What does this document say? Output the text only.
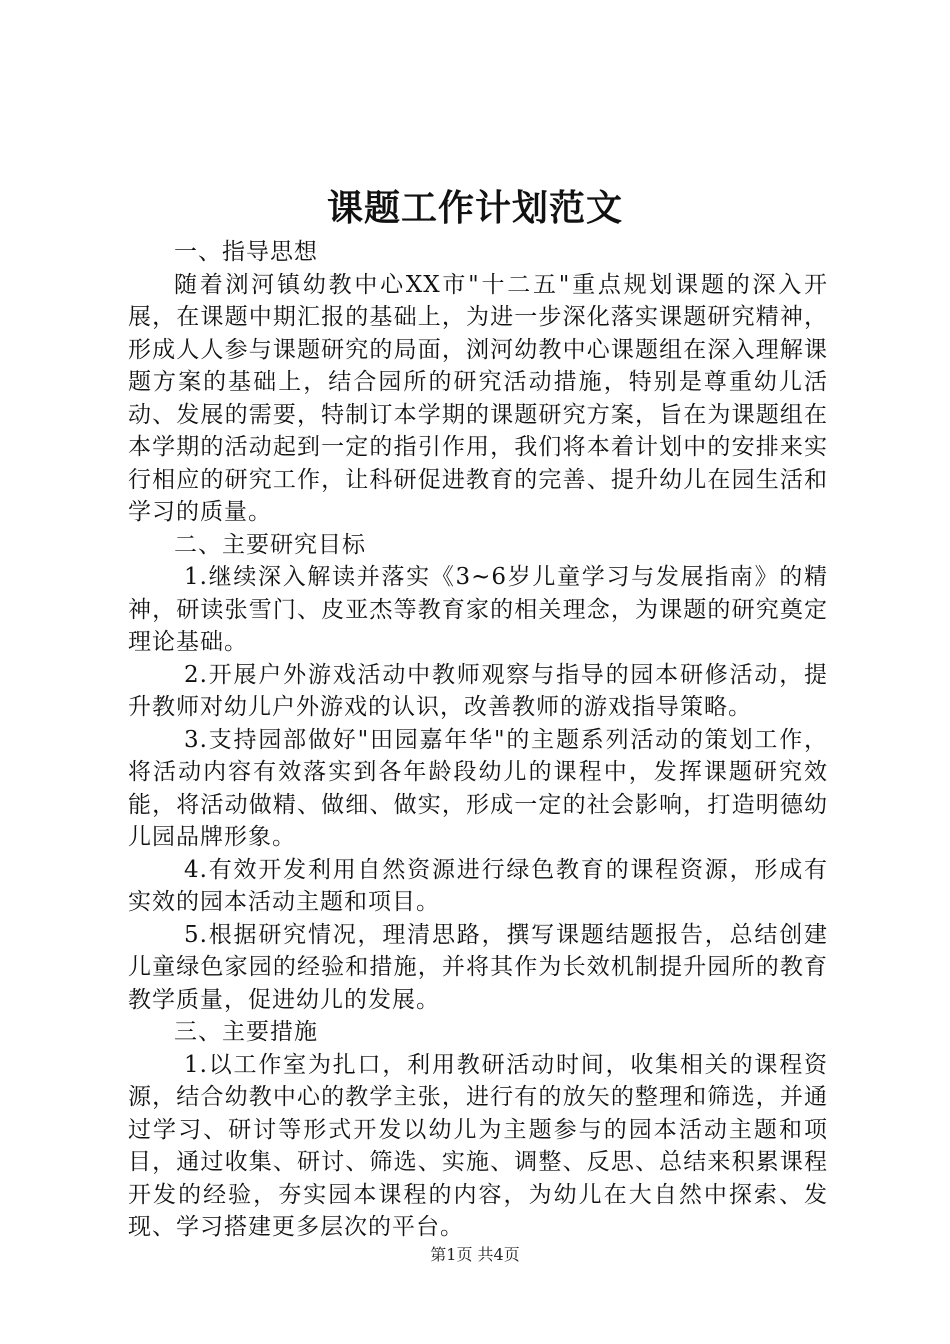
课题工作计划范文

一、指导思想

随着浏河镇幼教中心XX市"十二五"重点规划课题的深入开展，在课题中期汇报的基础上，为进一步深化落实课题研究精神，形成人人参与课题研究的局面，浏河幼教中心课题组在深入理解课题方案的基础上，结合园所的研究活动措施，特别是尊重幼儿活动、发展的需要，特制订本学期的课题研究方案，旨在为课题组在本学期的活动起到一定的指引作用，我们将本着计划中的安排来实行相应的研究工作，让科研促进教育的完善、提升幼儿在园生活和学习的质量。

二、主要研究目标

1.继续深入解读并落实《3~6岁儿童学习与发展指南》的精神，研读张雪门、皮亚杰等教育家的相关理念，为课题的研究奠定理论基础。

2.开展户外游戏活动中教师观察与指导的园本研修活动，提升教师对幼儿户外游戏的认识，改善教师的游戏指导策略。

3.支持园部做好"田园嘉年华"的主题系列活动的策划工作，将活动内容有效落实到各年龄段幼儿的课程中，发挥课题研究效能，将活动做精、做细、做实，形成一定的社会影响，打造明德幼儿园品牌形象。

4.有效开发利用自然资源进行绿色教育的课程资源，形成有实效的园本活动主题和项目。

5.根据研究情况，理清思路，撰写课题结题报告，总结创建儿童绿色家园的经验和措施，并将其作为长效机制提升园所的教育教学质量，促进幼儿的发展。

三、主要措施

1.以工作室为扎口，利用教研活动时间，收集相关的课程资源，结合幼教中心的教学主张，进行有的放矢的整理和筛选，并通过学习、研讨等形式开发以幼儿为主题参与的园本活动主题和项目，通过收集、研讨、筛选、实施、调整、反思、总结来积累课程开发的经验，夯实园本课程的内容，为幼儿在大自然中探索、发现、学习搭建更多层次的平台。

第1页 共4页
